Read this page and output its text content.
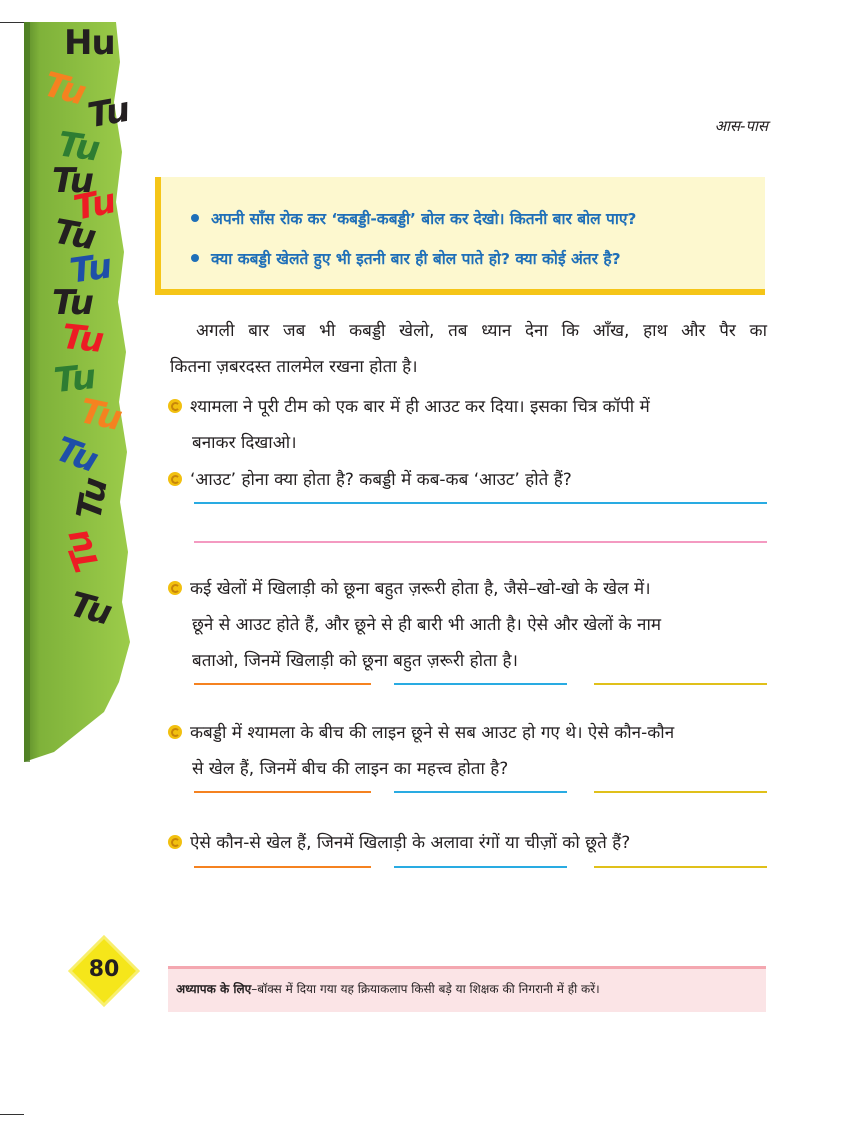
Hu
Tu
Tu
Tu
Tu
Tu
Tu
Tu
Tu
Tu
Tu
Tu
Tu
Tu
Tu
Tu
आस-पास
अपनी साँस रोक कर ‘कबड्डी-कबड्डी’ बोल कर देखो। कितनी बार बोल पाए?
क्या कबड्डी खेलते हुए भी इतनी बार ही बोल पाते हो? क्या कोई अंतर है?
अगली बार जब भी कबड्डी खेलो, तब ध्यान देना कि आँख, हाथ और पैर का
कितना ज़बरदस्त तालमेल रखना होता है।
श्यामला ने पूरी टीम को एक बार में ही आउट कर दिया। इसका चित्र कॉपी में
बनाकर दिखाओ।
‘आउट’ होना क्या होता है? कबड्डी में कब-कब ‘आउट’ होते हैं?
कई खेलों में खिलाड़ी को छूना बहुत ज़रूरी होता है, जैसे–खो-खो के खेल में।
छूने से आउट होते हैं, और छूने से ही बारी भी आती है। ऐसे और खेलों के नाम
बताओ, जिनमें खिलाड़ी को छूना बहुत ज़रूरी होता है।
कबड्डी में श्यामला के बीच की लाइन छूने से सब आउट हो गए थे। ऐसे कौन-कौन
से खेल हैं, जिनमें बीच की लाइन का महत्त्व होता है?
ऐसे कौन-से खेल हैं, जिनमें खिलाड़ी के अलावा रंगों या चीज़ों को छूते हैं?
80
अध्यापक के लिए–बॉक्स में दिया गया यह क्रियाकलाप किसी बड़े या शिक्षक की निगरानी में ही करें।
